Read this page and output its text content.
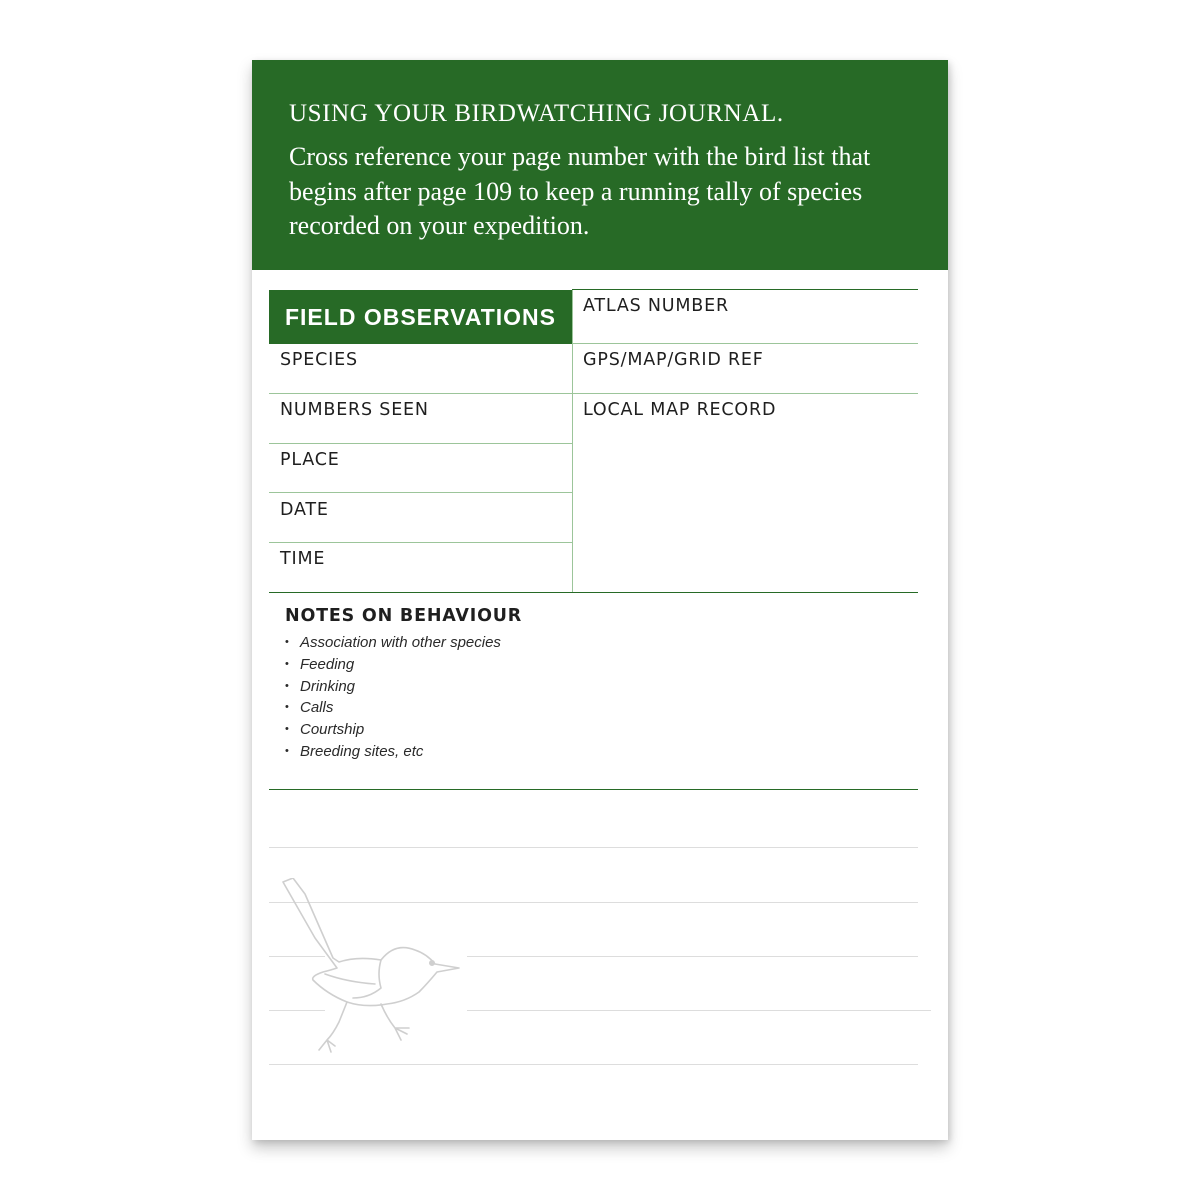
USING YOUR BIRDWATCHING JOURNAL.
Cross reference your page number with the bird list that begins after page 109 to keep a running tally of species recorded on your expedition.
FIELD OBSERVATIONS
SPECIES
NUMBERS SEEN
PLACE
DATE
TIME
ATLAS NUMBER
GPS/MAP/GRID REF
LOCAL MAP RECORD
NOTES ON BEHAVIOUR
• Association with other species
• Feeding
• Drinking
• Calls
• Courtship
• Breeding sites, etc
